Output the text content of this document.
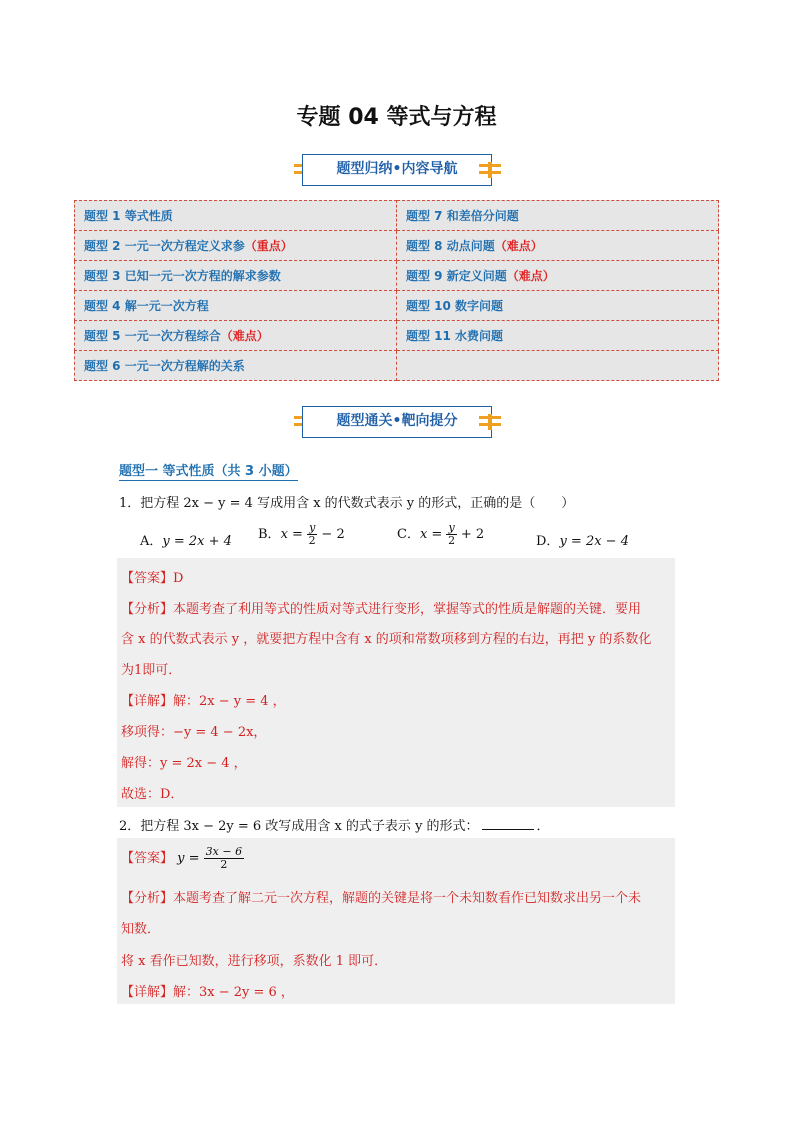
专题 04 等式与方程
题型归纳•内容导航
题型 1 等式性质	题型 7 和差倍分问题
题型 2 一元一次方程定义求参（重点）	题型 8 动点问题（难点）
题型 3 已知一元一次方程的解求参数	题型 9 新定义问题（难点）
题型 4 解一元一次方程	题型 10 数字问题
题型 5 一元一次方程综合（难点）	题型 11 水费问题
题型 6 一元一次方程解的关系	
题型通关•靶向提分
题型一 等式性质（共 3 小题）
1．把方程 2x − y = 4 写成用含 x 的代数式表示 y 的形式，正确的是（　　）
A．y = 2x + 4 B．$x = \frac{y}{2} - 2$	C．$x = \frac{y}{2} + 2$	D．y = 2x − 4
【答案】D
【分析】本题考查了利用等式的性质对等式进行变形，掌握等式的性质是解题的关键．要用
含 x 的代数式表示 y ，就要把方程中含有 x 的项和常数项移到方程的右边，再把 y 的系数化
为1即可．
【详解】解：2x − y = 4 ，
移项得：−y = 4 − 2x，
解得：y = 2x − 4 ，
故选：D．
2．把方程 3x − 2y = 6 改写成用含 x 的式子表示 y 的形式：	．
【答案】 $y = \frac{3x - 6}{2}$
【分析】本题考查了解二元一次方程，解题的关键是将一个未知数看作已知数求出另一个未
知数．
将 x 看作已知数，进行移项，系数化 1 即可．
【详解】解：3x − 2y = 6 ，
